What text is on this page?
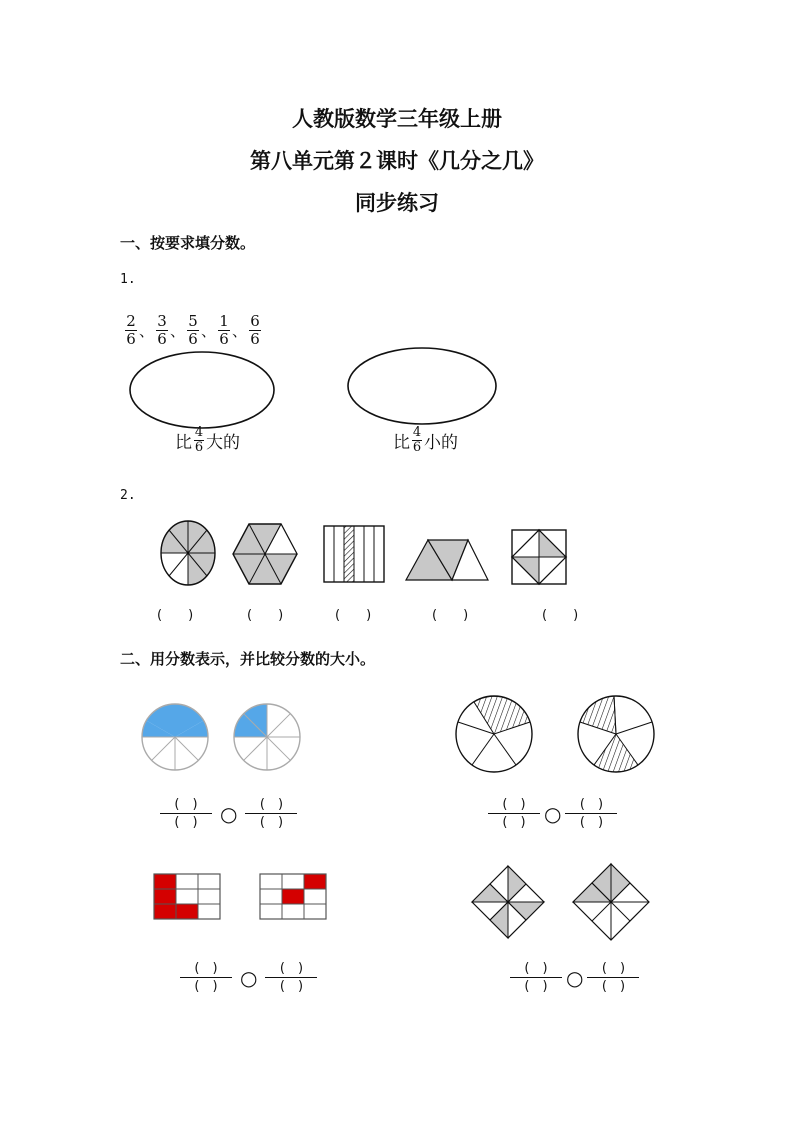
人教版数学三年级上册
第八单元第２课时《几分之几》
同步练习
一、按要求填分数。
1.
$\frac{2}{6}$ 、 $\frac{3}{6}$ 、 $\frac{5}{6}$ 、 $\frac{1}{6}$ 、 $\frac{6}{6}$
比 $\frac{4}{6}$ 大的	比 $\frac{4}{6}$ 小的
2.
(　　)	(　　)	(　　)	(　　)	(　　)
二、用分数表示，并比较分数的大小。
$\frac{( )}{( )}$ ○ $\frac{( )}{( )}$	$\frac{( )}{( )}$ ○ $\frac{( )}{( )}$
$\frac{( )}{( )}$ ○ $\frac{( )}{( )}$	$\frac{( )}{( )}$ ○ $\frac{( )}{( )}$
